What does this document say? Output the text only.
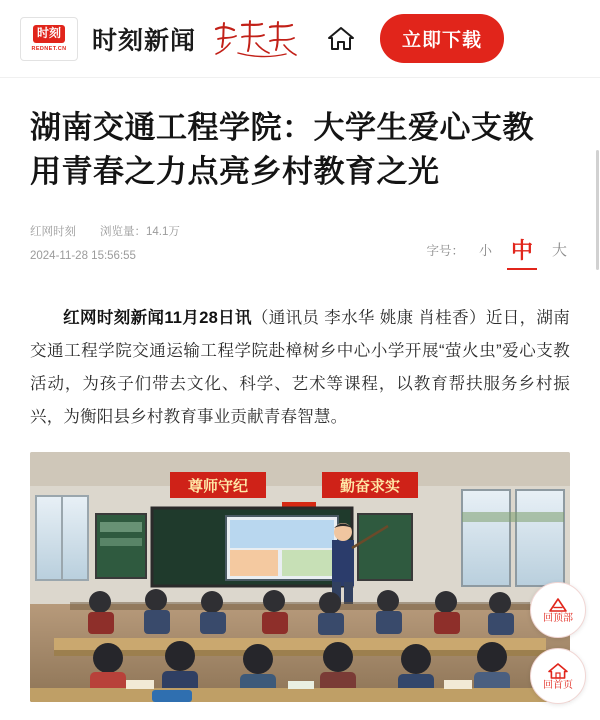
时刻
REDNET.CN 时刻新闻	立即下载
湖南交通工程学院：大学生爱心支教 用青春之力点亮乡村教育之光
红网时刻 浏览量：14.1万
2024-11-28 15:56:55	字号： 小 中 大
红网时刻新闻11月28日讯（通讯员 李水华 姚康 肖桂香）近日，湖南交通工程学院交通运输工程学院赴樟树乡中心小学开展“萤火虫”爱心支教活动，为孩子们带去文化、科学、艺术等课程，以教育帮扶服务乡村振兴，为衡阳县乡村教育事业贡献青春智慧。
尊师守纪	勤奋求实
回顶部
回首页
